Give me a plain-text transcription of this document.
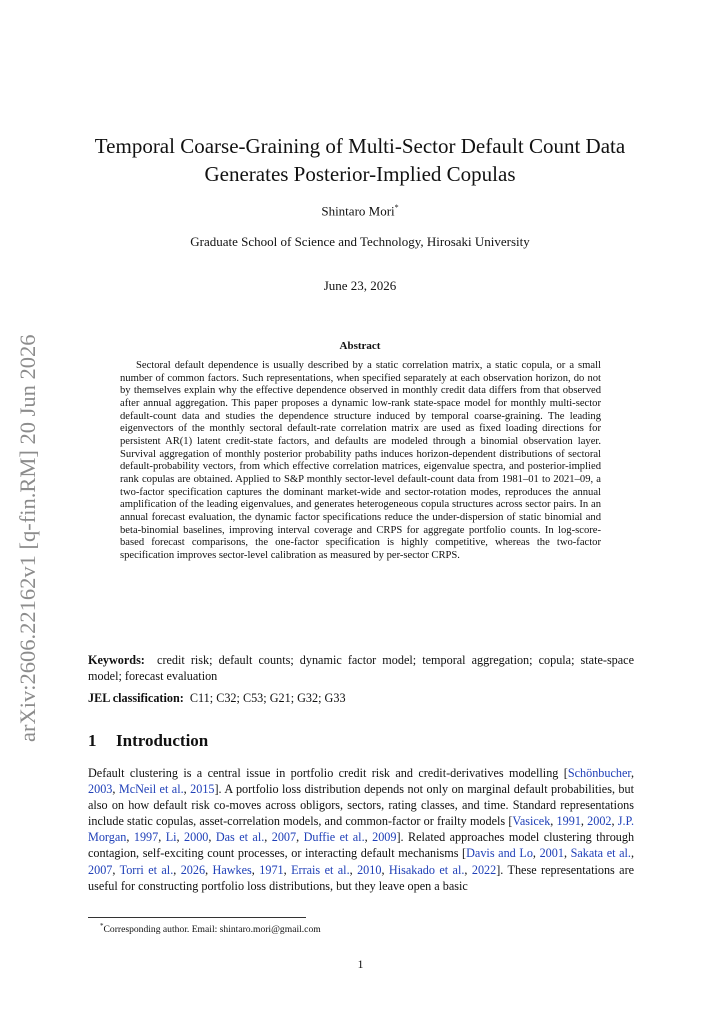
arXiv:2606.22162v1 [q-fin.RM] 20 Jun 2026
Temporal Coarse-Graining of Multi-Sector Default Count Data
Generates Posterior-Implied Copulas
Shintaro Mori*
Graduate School of Science and Technology, Hirosaki University
June 23, 2026
Abstract

Sectoral default dependence is usually described by a static correlation matrix, a static copula, or a small number of common factors. Such representations, when specified separately at each observation horizon, do not by themselves explain why the effective dependence observed in monthly credit data differs from that observed after annual aggregation. This paper proposes a dynamic low-rank state-space model for monthly multi-sector default-count data and studies the dependence structure induced by temporal coarse-graining. The leading eigenvectors of the monthly sectoral default-rate correlation matrix are used as fixed loading directions for persistent AR(1) latent credit-state factors, and defaults are modeled through a binomial observation layer. Survival aggregation of monthly posterior probability paths induces horizon-dependent distributions of sectoral default-probability vectors, from which effective correlation matrices, eigenvalue spectra, and posterior-implied rank copulas are obtained. Applied to S&P monthly sector-level default-count data from 1981–01 to 2021–09, a two-factor specification captures the dominant market-wide and sector-rotation modes, reproduces the annual amplification of the leading eigenvalues, and generates heterogeneous copula structures across sector pairs. In an annual forecast evaluation, the dynamic factor specifications reduce the under-dispersion of static binomial and beta-binomial baselines, improving interval coverage and CRPS for aggregate portfolio counts. In log-score-based forecast comparisons, the one-factor specification is highly competitive, whereas the two-factor specification improves sector-level calibration as measured by per-sector CRPS.

Keywords: credit risk; default counts; dynamic factor model; temporal aggregation; copula; state-space model; forecast evaluation

JEL classification: C11; C32; C53; G21; G32; G33

1 Introduction

Default clustering is a central issue in portfolio credit risk and credit-derivatives modelling [Schönbucher, 2003, McNeil et al., 2015]. A portfolio loss distribution depends not only on marginal default probabilities, but also on how default risk co-moves across obligors, sectors, rating classes, and time. Standard representations include static copulas, asset-correlation models, and common-factor or frailty models [Vasicek, 1991, 2002, J.P. Morgan, 1997, Li, 2000, Das et al., 2007, Duffie et al., 2009]. Related approaches model clustering through contagion, self-exciting count processes, or interacting default mechanisms [Davis and Lo, 2001, Sakata et al., 2007, Torri et al., 2026, Hawkes, 1971, Errais et al., 2010, Hisakado et al., 2022]. These representations are useful for constructing portfolio loss distributions, but they leave open a basic

*Corresponding author. Email: shintaro.mori@gmail.com
1
